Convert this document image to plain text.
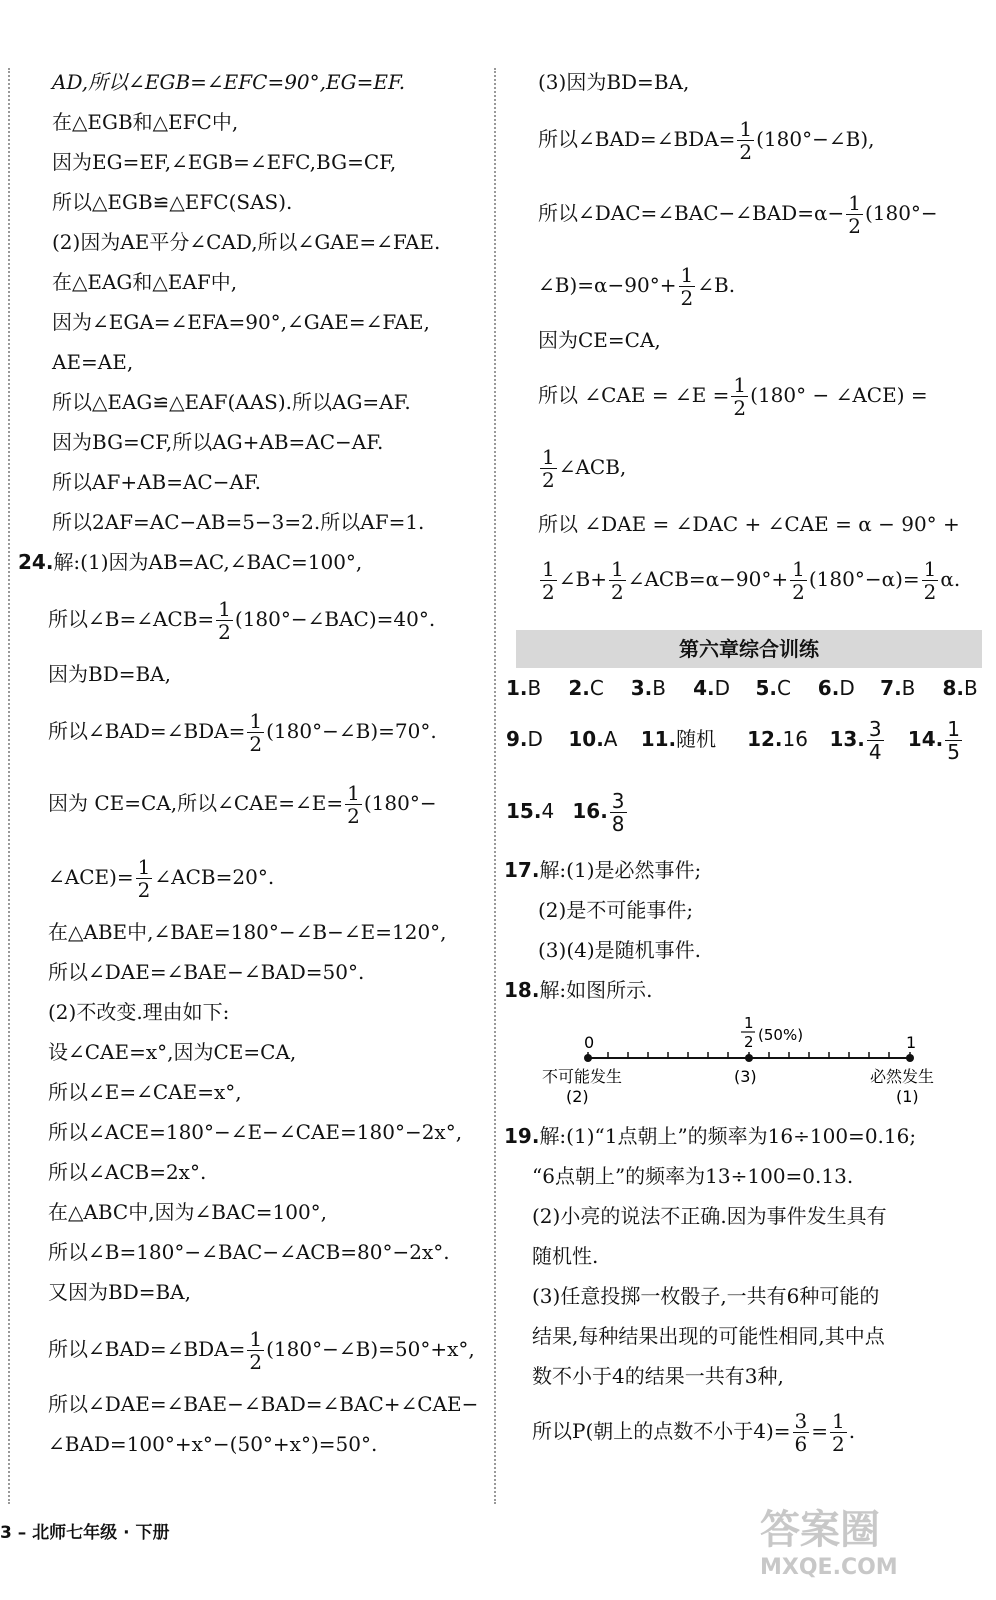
AD,所以∠EGB=∠EFC=90°,EG=EF.
在△EGB和△EFC中,
因为EG=EF,∠EGB=∠EFC,BG=CF,
所以△EGB≌△EFC(SAS).
(2)因为AE平分∠CAD,所以∠GAE=∠FAE.
在△EAG和△EAF中,
因为∠EGA=∠EFA=90°,∠GAE=∠FAE,
AE=AE,
所以△EAG≌△EAF(AAS).所以AG=AF.
因为BG=CF,所以AG+AB=AC−AF.
所以AF+AB=AC−AF.
所以2AF=AC−AB=5−3=2.所以AF=1.
24.解:(1)因为AB=AC,∠BAC=100°,
所以∠B=∠ACB= $\frac{1}{2}$ (180°−∠BAC)=40°.
因为BD=BA,
所以∠BAD=∠BDA= $\frac{1}{2}$ (180°−∠B)=70°.
因为 CE=CA,所以∠CAE=∠E= $\frac{1}{2} (180^\circ-$
∠ACE)= $\frac{1}{2}$ ∠ACB=20°.
在△ABE中,∠BAE=180°−∠B−∠E=120°,
所以∠DAE=∠BAE−∠BAD=50°.
(2)不改变.理由如下:
设∠CAE=x°,因为CE=CA,
所以∠E=∠CAE=x°,
所以∠ACE=180°−∠E−∠CAE=180°−2x°,
所以∠ACB=2x°.
在△ABC中,因为∠BAC=100°,
所以∠B=180°−∠BAC−∠ACB=80°−2x°.
又因为BD=BA,
所以∠BAD=∠BDA= $\frac{1}{2}$ (180°−∠B)=50°+x°,
所以∠DAE=∠BAE−∠BAD=∠BAC+∠CAE−
∠BAD=100°+x°−(50°+x°)=50°.
(3)因为BD=BA,
所以∠BAD=∠BDA= $\frac{1}{2}$ (180°−∠B),
所以∠DAC=∠BAC−∠BAD=α− $\frac{1}{2} (180^\circ-$
∠B)=α−90°+ $\frac{1}{2}$ ∠B.
因为CE=CA,
所以 ∠CAE = ∠E = $\frac{1}{2} (180^\circ$ − ∠ACE) =
$\frac{1}{2}$ ∠ACB,
所以 ∠DAE = ∠DAC + ∠CAE = α − 90° +
$\frac{1}{2}$ ∠B+ $\frac{1}{2}$ ∠ACB=α−90°+ $\frac{1}{2} (180^\circ-\alpha)= \frac{1}{2} \alpha$.
第六章综合训练
1.B 2.C 3.B 4.D 5.C 6.D 7.B 8.B
9.D 10.A 11.随机 12.16 13. $\frac{3}{4} 14$. $\frac{1}{5}$
15.4 16. $\frac{3}{8}$
17.解:(1)是必然事件;
(2)是不可能事件;
(3)(4)是随机事件.
18.解:如图所示.
0	1
1
2 (50%)
不可能发生
(2)
(3)	必然发生
(1)
19.解:(1)“1点朝上”的频率为16÷100=0.16;
“6点朝上”的频率为13÷100=0.13.
(2)小亮的说法不正确.因为事件发生具有
随机性.
(3)任意投掷一枚骰子,一共有6种可能的
结果,每种结果出现的可能性相同,其中点
数不小于4的结果一共有3种,
所以P(朝上的点数不小于$4)= \frac{3}{6} = \frac{1}{2}$ .
3 – 北师七年级 · 下册	答案圈
MXQE.COM
